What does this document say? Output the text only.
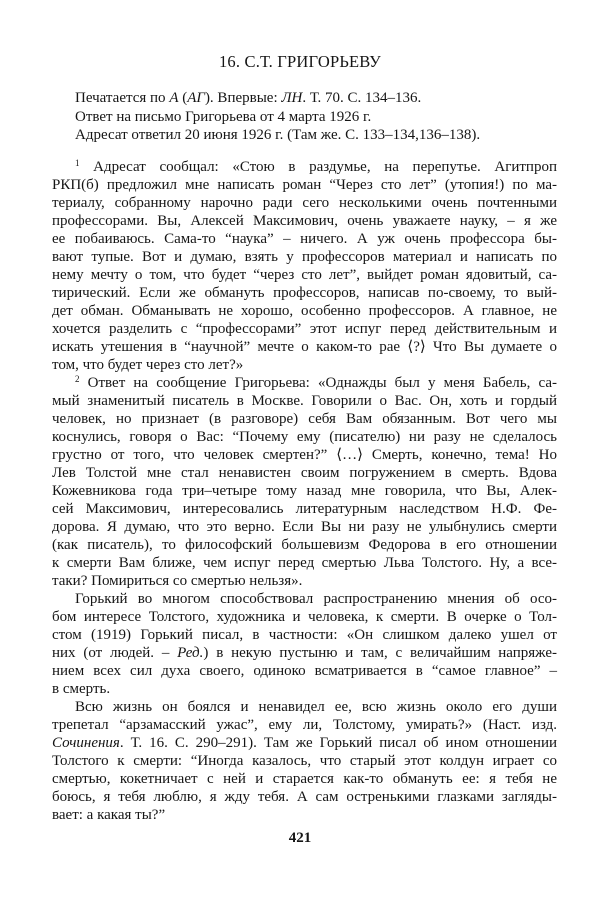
16. С.Т. ГРИГОРЬЕВУ
Печатается по А (АГ). Впервые: ЛН. Т. 70. С. 134–136.
Ответ на письмо Григорьева от 4 марта 1926 г.
Адресат ответил 20 июня 1926 г. (Там же. С. 133–134,136–138).
$^1$ Адресат сообщал: «Стою в раздумье, на перепутье. Агитпроп
РКП(б) предложил мне написать роман “Через сто лет” (утопия!) по ма-
териалу, собранному нарочно ради сего несколькими очень почтенными
профессорами. Вы, Алексей Максимович, очень уважаете науку, – я же
ее побаиваюсь. Сама-то “наука” – ничего. А уж очень профессора бы-
вают тупые. Вот и думаю, взять у профессоров материал и написать по
нему мечту о том, что будет “через сто лет”, выйдет роман ядовитый, са-
тирический. Если же обмануть профессоров, написав по-своему, то вый-
дет обман. Обманывать не хорошо, особенно профессоров. А главное, не
хочется разделить с “профессорами” этот испуг перед действительным и
искать утешения в “научной” мечте о каком-то рае ⟨?⟩ Что Вы думаете о
том, что будет через сто лет?»
$^2$ Ответ на сообщение Григорьева: «Однажды был у меня Бабель, са-
мый знаменитый писатель в Москве. Говорили о Вас. Он, хоть и гордый
человек, но признает (в разговоре) себя Вам обязанным. Вот чего мы
коснулись, говоря о Вас: “Почему ему (писателю) ни разу не сделалось
грустно от того, что человек смертен?” ⟨…⟩ Смерть, конечно, тема! Но
Лев Толстой мне стал ненавистен своим погружением в смерть. Вдова
Кожевникова года три–четыре тому назад мне говорила, что Вы, Алек-
сей Максимович, интересовались литературным наследством Н.Ф. Фе-
дорова. Я думаю, что это верно. Если Вы ни разу не улыбнулись смерти
(как писатель), то философский большевизм Федорова в его отношении
к смерти Вам ближе, чем испуг перед смертью Льва Толстого. Ну, а все-
таки? Помириться со смертью нельзя».
Горький во многом способствовал распространению мнения об осо-
бом интересе Толстого, художника и человека, к смерти. В очерке о Тол-
стом (1919) Горький писал, в частности: «Он слишком далеко ушел от
них (от людей. – Ред.) в некую пустыню и там, с величайшим напряже-
нием всех сил духа своего, одиноко всматривается в “самое главное” –
в смерть.
Всю жизнь он боялся и ненавидел ее, всю жизнь около его души
трепетал “арзамасский ужас”, ему ли, Толстому, умирать?» (Наст. изд.
Сочинения. Т. 16. С. 290–291). Там же Горький писал об ином отношении
Толстого к смерти: “Иногда казалось, что старый этот колдун играет со
смертью, кокетничает с ней и старается как-то обмануть ее: я тебя не
боюсь, я тебя люблю, я жду тебя. А сам остренькими глазками загляды-
вает: а какая ты?”
421
